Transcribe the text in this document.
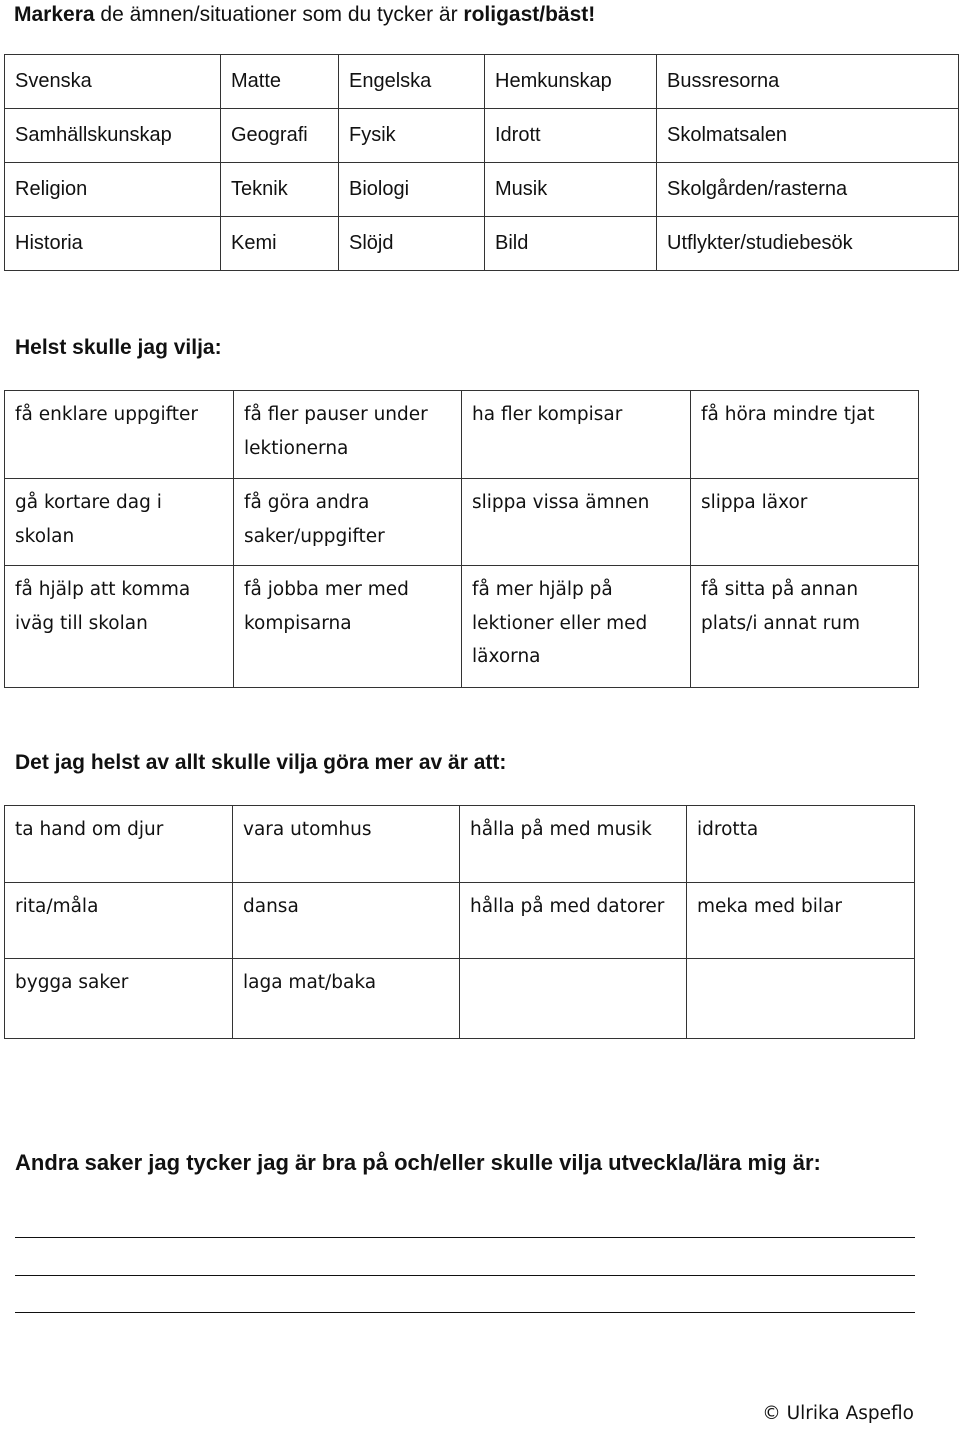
Markera de ämnen/situationer som du tycker är roligast/bäst!
Svenska	Matte	Engelska	Hemkunskap	Bussresorna
Samhällskunskap	Geografi	Fysik	Idrott	Skolmatsalen
Religion	Teknik	Biologi	Musik	Skolgården/rasterna
Historia	Kemi	Slöjd	Bild	Utflykter/studiebesök
Helst skulle jag vilja:
få enklare uppgifter	få fler pauser under lektionerna	ha fler kompisar	få höra mindre tjat
gå kortare dag i skolan	få göra andra saker/uppgifter	slippa vissa ämnen	slippa läxor
få hjälp att komma iväg till skolan	få jobba mer med kompisarna	få mer hjälp på lektioner eller med läxorna	få sitta på annan plats/i annat rum
Det jag helst av allt skulle vilja göra mer av är att:
ta hand om djur	vara utomhus	hålla på med musik	idrotta
rita/måla	dansa	hålla på med datorer	meka med bilar
bygga saker	laga mat/baka		
Andra saker jag tycker jag är bra på och/eller skulle vilja utveckla/lära mig är:
© Ulrika Aspeflo
